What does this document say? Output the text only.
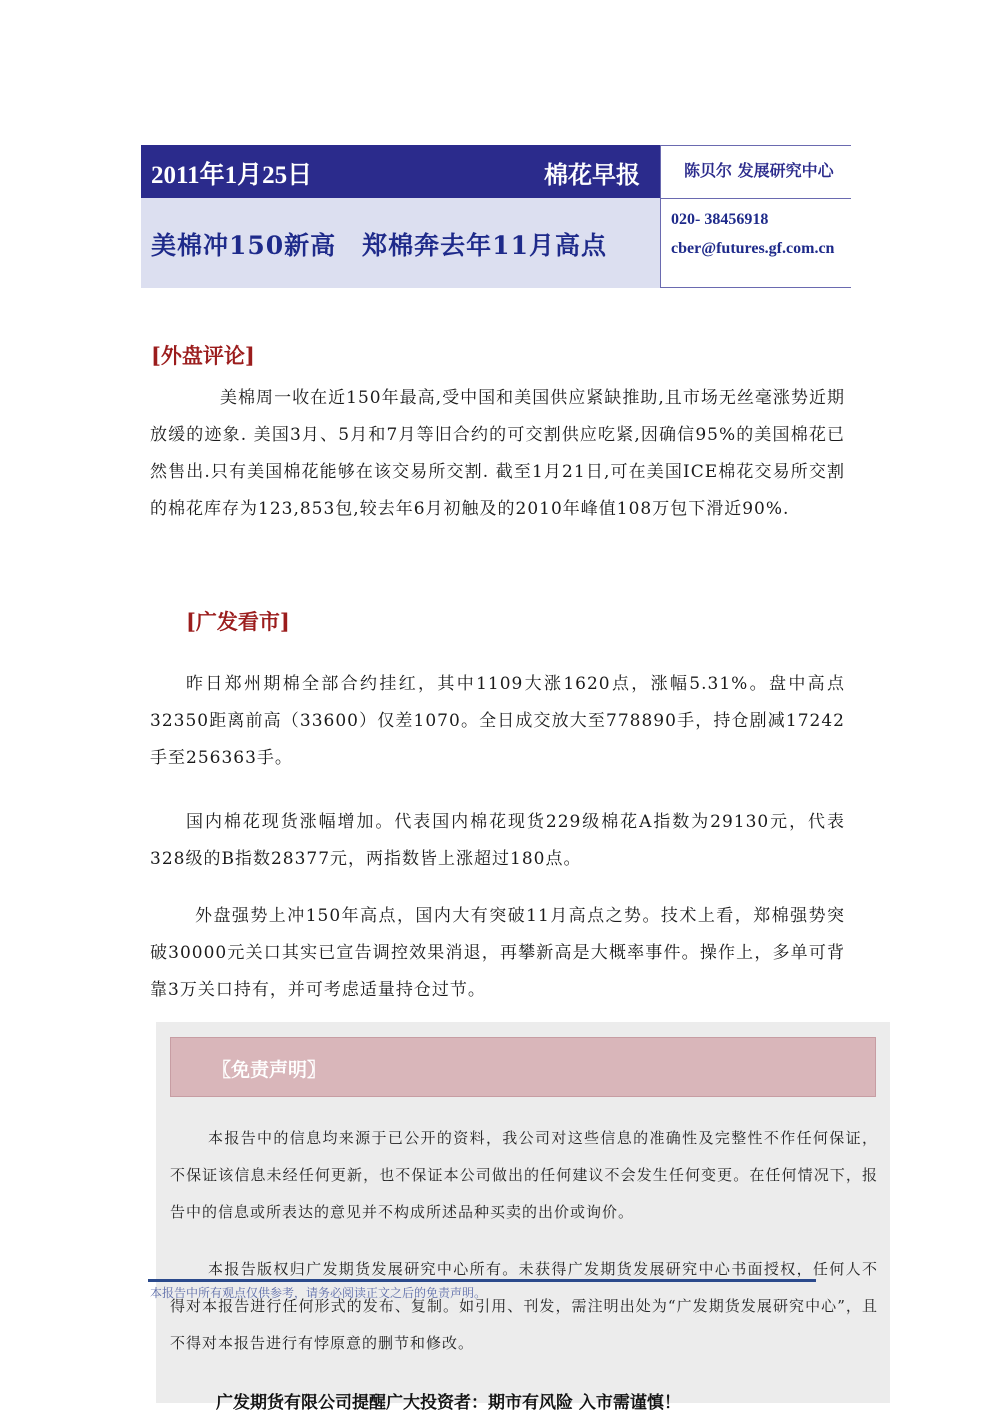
2011年1月25日	棉花早报
美棉冲150新高　郑棉奔去年11月高点
陈贝尔 发展研究中心
020- 38456918
cber@futures.gf.com.cn
[外盘评论]
美棉周一收在近150年最高,受中国和美国供应紧缺推助,且市场无丝毫涨势近期放缓的迹象. 美国3月、5月和7月等旧合约的可交割供应吃紧,因确信95%的美国棉花已然售出.只有美国棉花能够在该交易所交割. 截至1月21日,可在美国ICE棉花交易所交割的棉花库存为123,853包,较去年6月初触及的2010年峰值108万包下滑近90%.
[广发看市]
昨日郑州期棉全部合约挂红，其中1109大涨1620点，涨幅5.31%。盘中高点32350距离前高（33600）仅差1070。全日成交放大至778890手，持仓剧减17242手至256363手。
国内棉花现货涨幅增加。代表国内棉花现货229级棉花A指数为29130元，代表328级的B指数28377元，两指数皆上涨超过180点。
外盘强势上冲150年高点，国内大有突破11月高点之势。技术上看，郑棉强势突破30000元关口其实已宣告调控效果消退，再攀新高是大概率事件。操作上，多单可背靠3万关口持有，并可考虑适量持仓过节。
〖免责声明〗
本报告中的信息均来源于已公开的资料，我公司对这些信息的准确性及完整性不作任何保证，不保证该信息未经任何更新，也不保证本公司做出的任何建议不会发生任何变更。在任何情况下，报告中的信息或所表达的意见并不构成所述品种买卖的出价或询价。
本报告版权归广发期货发展研究中心所有。未获得广发期货发展研究中心书面授权，任何人不得对本报告进行任何形式的发布、复制。如引用、刊发，需注明出处为“广发期货发展研究中心”，且不得对本报告进行有悖原意的删节和修改。
本报告中所有观点仅供参考，请务必阅读正文之后的免责声明。
广发期货有限公司提醒广大投资者：期市有风险 入市需谨慎！
